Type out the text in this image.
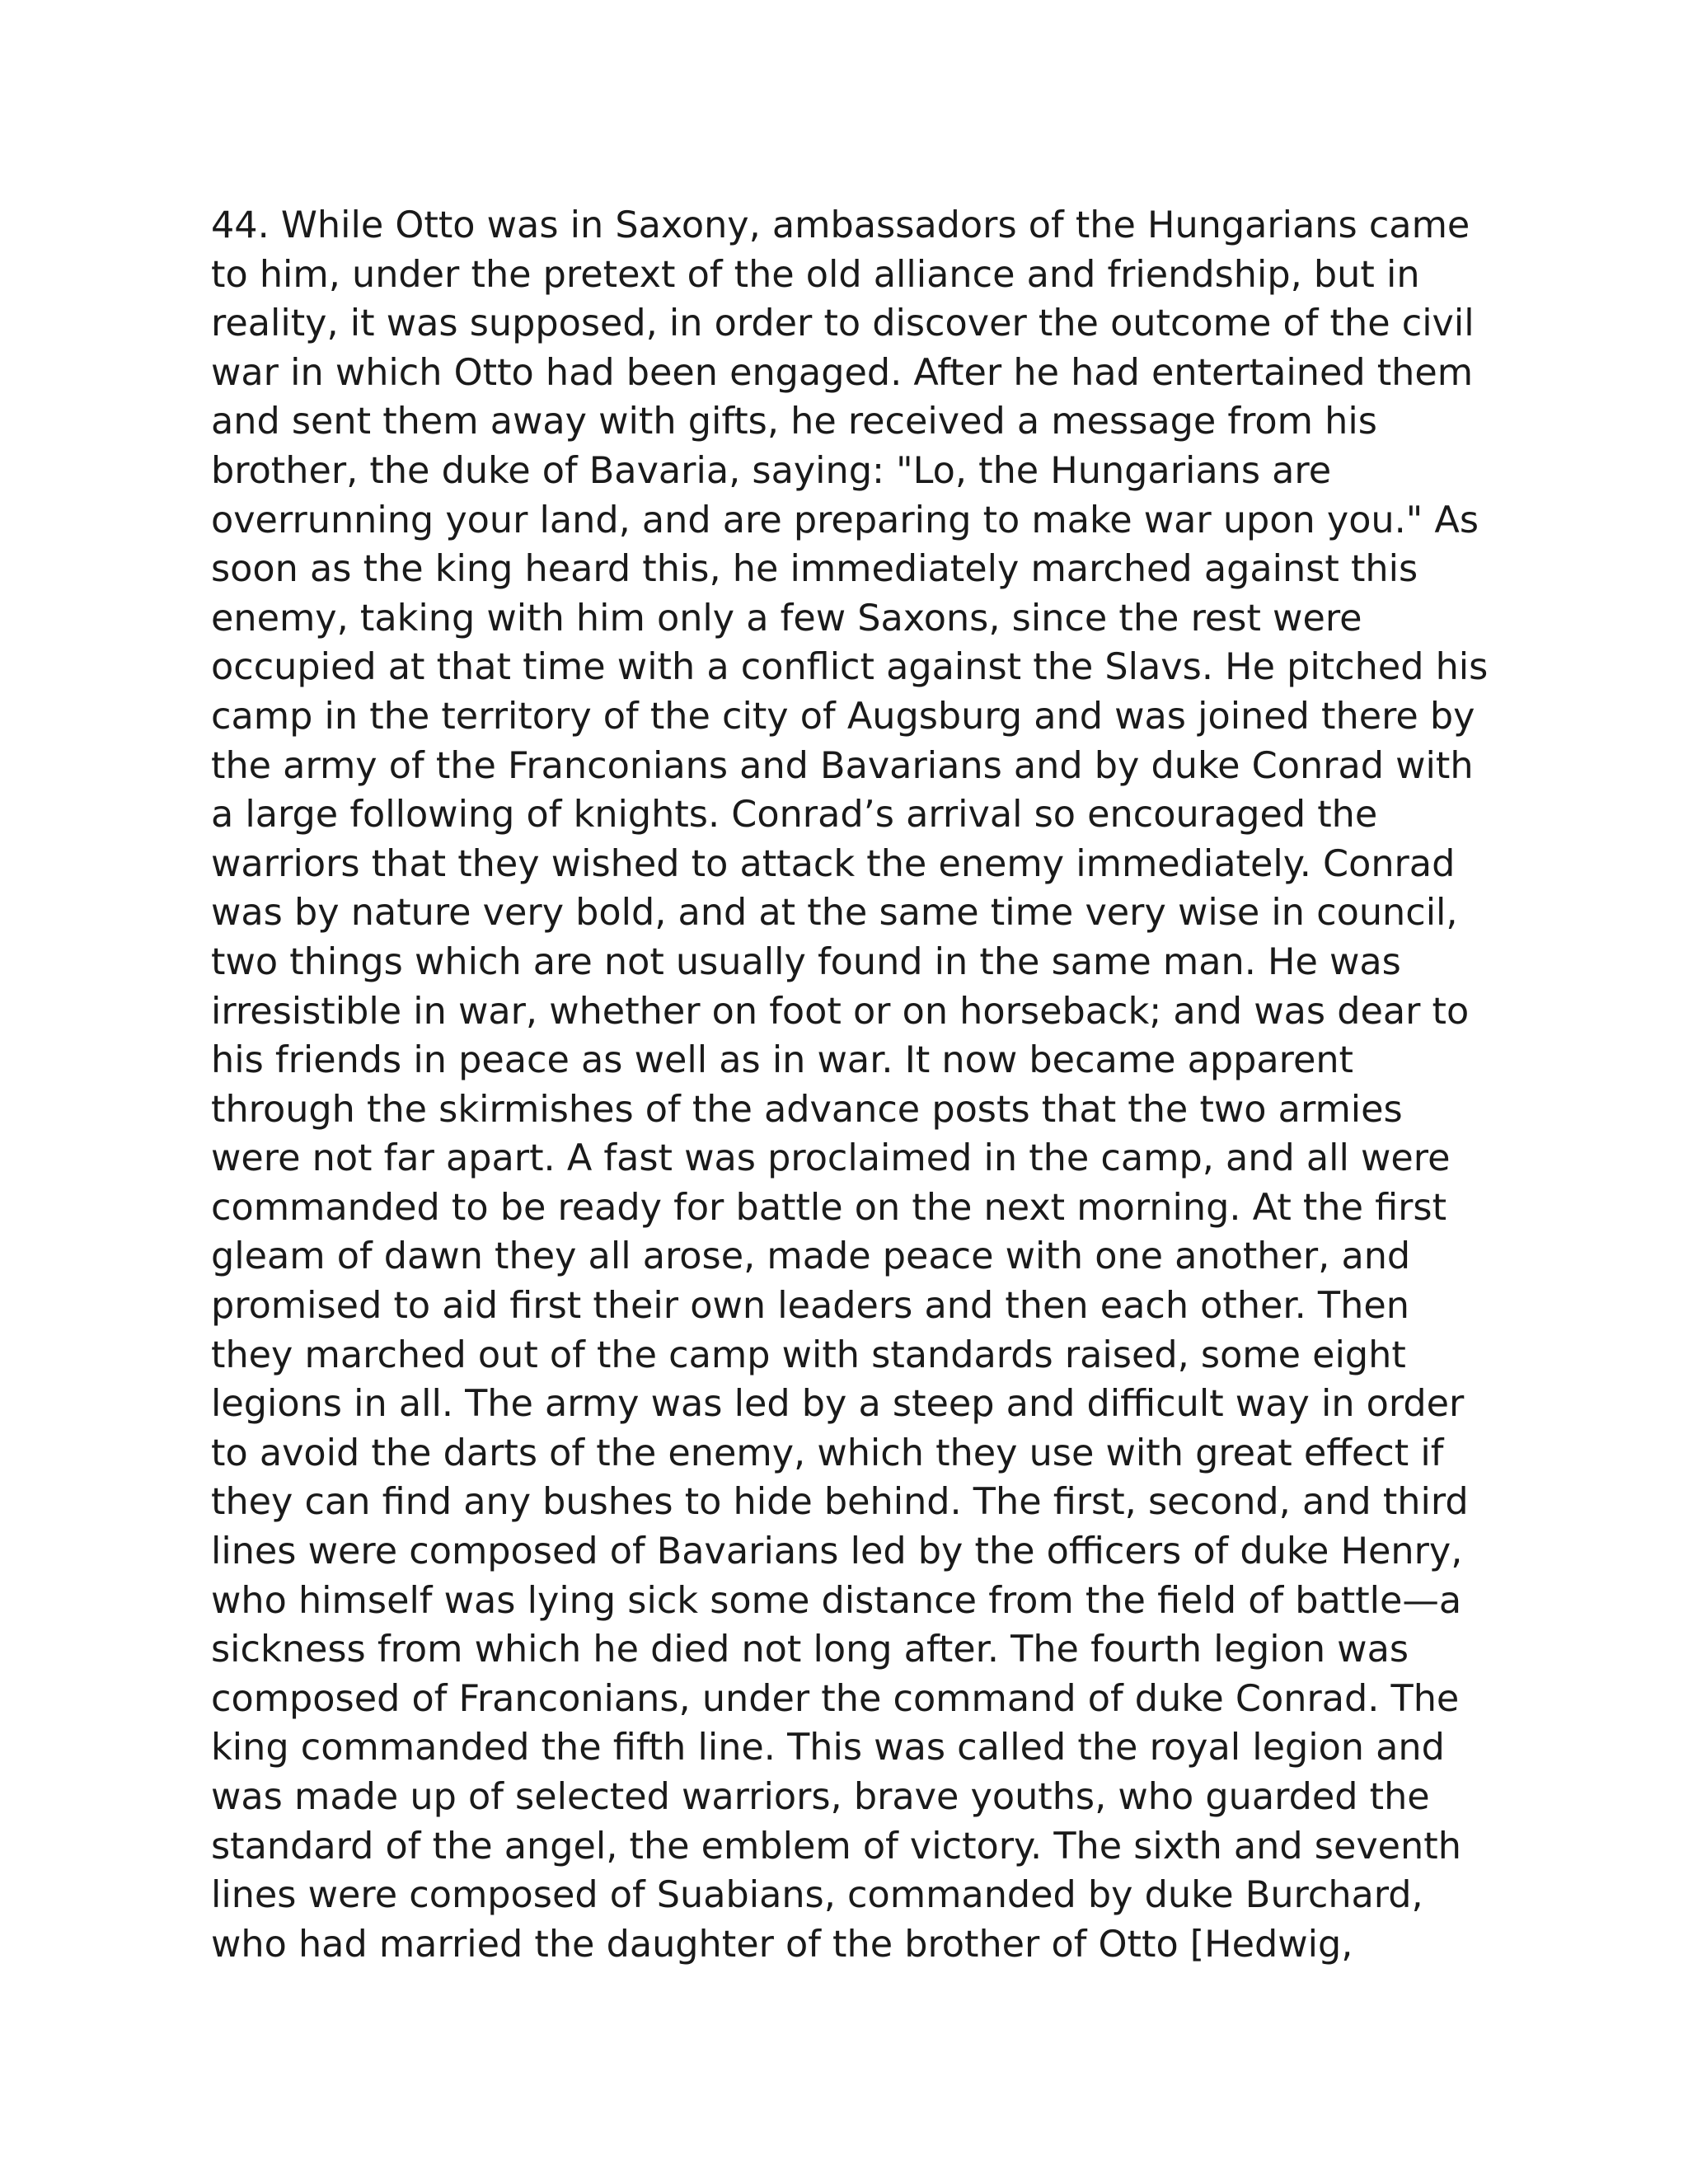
44. While Otto was in Saxony, ambassadors of the Hungarians came
to him, under the pretext of the old alliance and friendship, but in
reality, it was supposed, in order to discover the outcome of the civil
war in which Otto had been engaged. After he had entertained them
and sent them away with gifts, he received a message from his
brother, the duke of Bavaria, saying: "Lo, the Hungarians are
overrunning your land, and are preparing to make war upon you." As
soon as the king heard this, he immediately marched against this
enemy, taking with him only a few Saxons, since the rest were
occupied at that time with a conflict against the Slavs. He pitched his
camp in the territory of the city of Augsburg and was joined there by
the army of the Franconians and Bavarians and by duke Conrad with
a large following of knights. Conrad’s arrival so encouraged the
warriors that they wished to attack the enemy immediately. Conrad
was by nature very bold, and at the same time very wise in council,
two things which are not usually found in the same man. He was
irresistible in war, whether on foot or on horseback; and was dear to
his friends in peace as well as in war. It now became apparent
through the skirmishes of the advance posts that the two armies
were not far apart. A fast was proclaimed in the camp, and all were
commanded to be ready for battle on the next morning. At the first
gleam of dawn they all arose, made peace with one another, and
promised to aid first their own leaders and then each other. Then
they marched out of the camp with standards raised, some eight
legions in all. The army was led by a steep and difficult way in order
to avoid the darts of the enemy, which they use with great effect if
they can find any bushes to hide behind. The first, second, and third
lines were composed of Bavarians led by the officers of duke Henry,
who himself was lying sick some distance from the field of battle—a
sickness from which he died not long after. The fourth legion was
composed of Franconians, under the command of duke Conrad. The
king commanded the fifth line. This was called the royal legion and
was made up of selected warriors, brave youths, who guarded the
standard of the angel, the emblem of victory. The sixth and seventh
lines were composed of Suabians, commanded by duke Burchard,
who had married the daughter of the brother of Otto [Hedwig,
